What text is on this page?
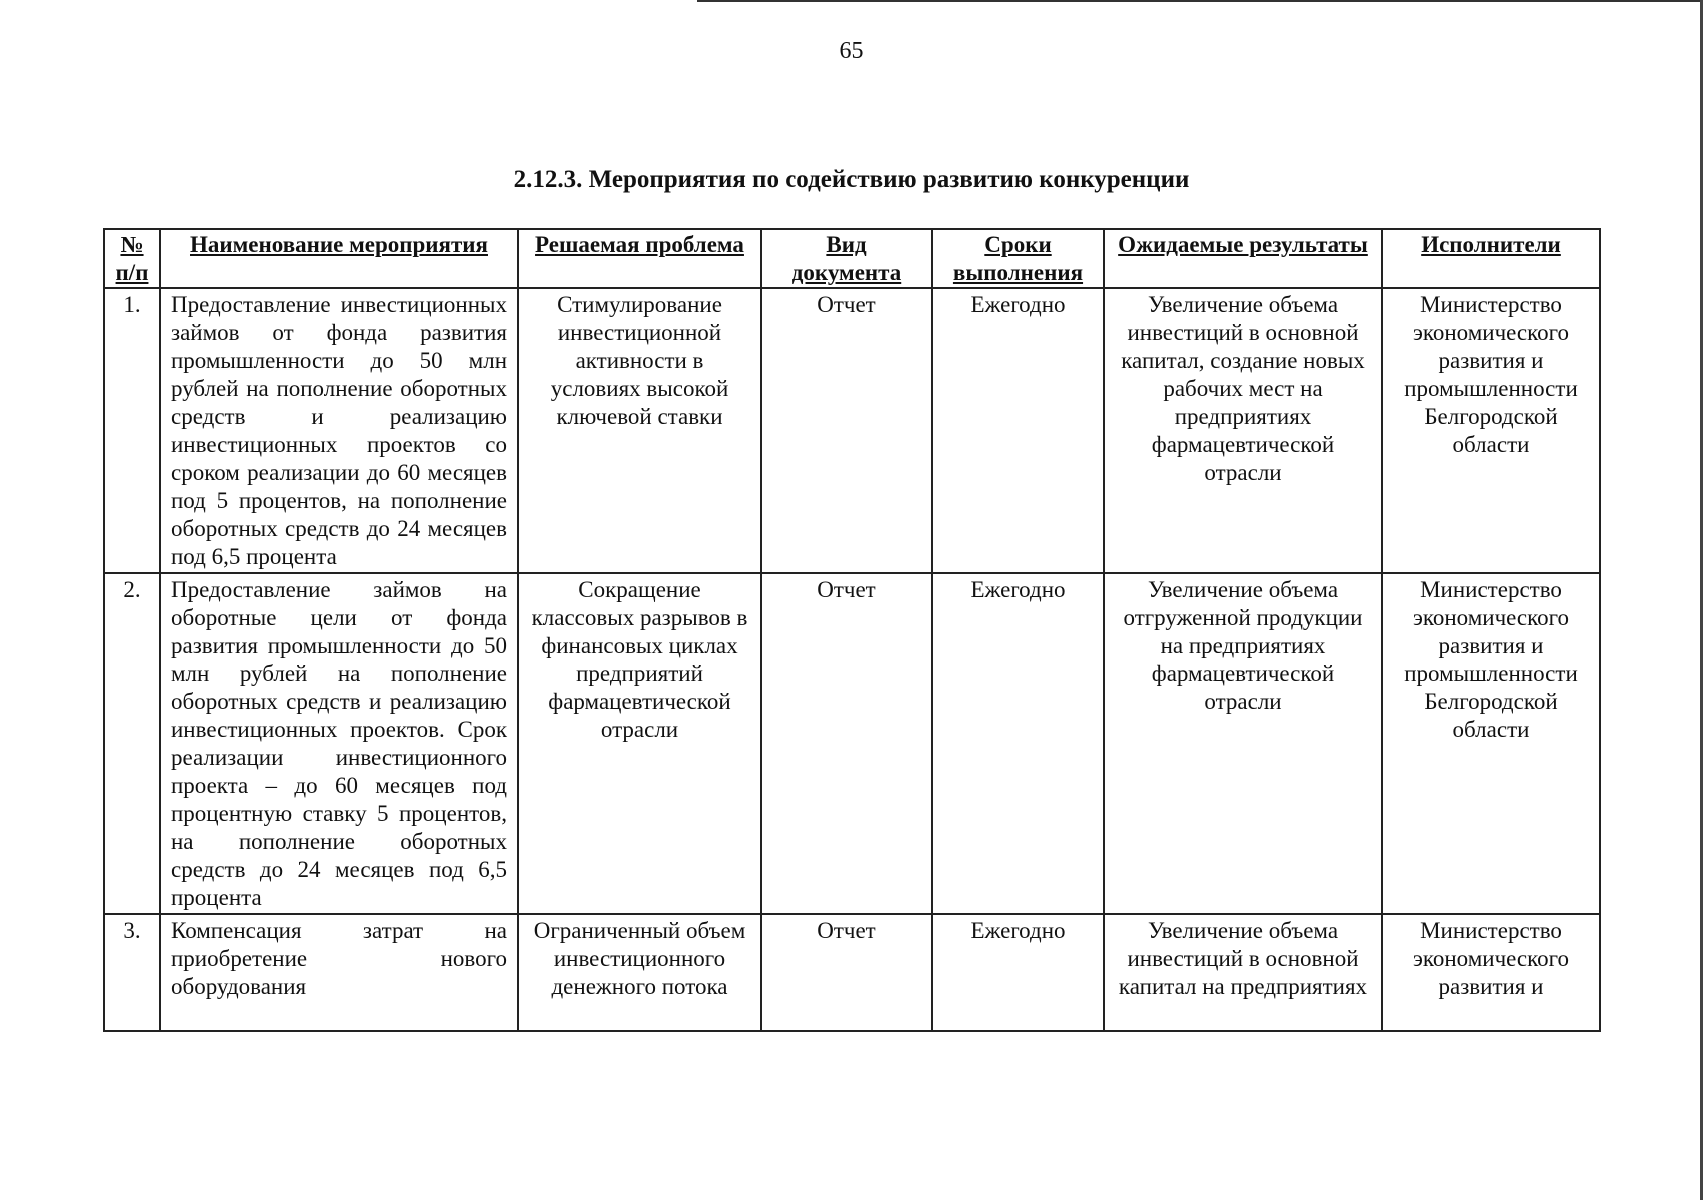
65
2.12.3. Мероприятия по содействию развитию конкуренции
№ п/п	Наименование мероприятия	Решаемая проблема	Вид документа	Сроки выполнения	Ожидаемые результаты	Исполнители
1.	Предоставление инвестиционных займов от фонда развития промышленности до 50 млн рублей на пополнение оборотных средств и реализацию инвестиционных проектов со сроком реализации до 60 месяцев под 5 процентов, на пополнение оборотных средств до 24 месяцев под 6,5 процента	Стимулирование инвестиционной активности в условиях высокой ключевой ставки	Отчет	Ежегодно	Увеличение объема инвестиций в основной капитал, создание новых рабочих мест на предприятиях фармацевтической отрасли	Министерство экономического развития и промышленности Белгородской области
2.	Предоставление займов на оборотные цели от фонда развития промышленности до 50 млн рублей на пополнение оборотных средств и реализацию инвестиционных проектов. Срок реализации инвестиционного проекта – до 60 месяцев под процентную ставку 5 процентов, на пополнение оборотных средств до 24 месяцев под 6,5 процента	Сокращение классовых разрывов в финансовых циклах предприятий фармацевтической отрасли	Отчет	Ежегодно	Увеличение объема отгруженной продукции на предприятиях фармацевтической отрасли	Министерство экономического развития и промышленности Белгородской области
3.	Компенсация затрат на приобретение нового оборудования	Ограниченный объем инвестиционного денежного потока	Отчет	Ежегодно	Увеличение объема инвестиций в основной капитал на предприятиях	Министерство экономического развития и
